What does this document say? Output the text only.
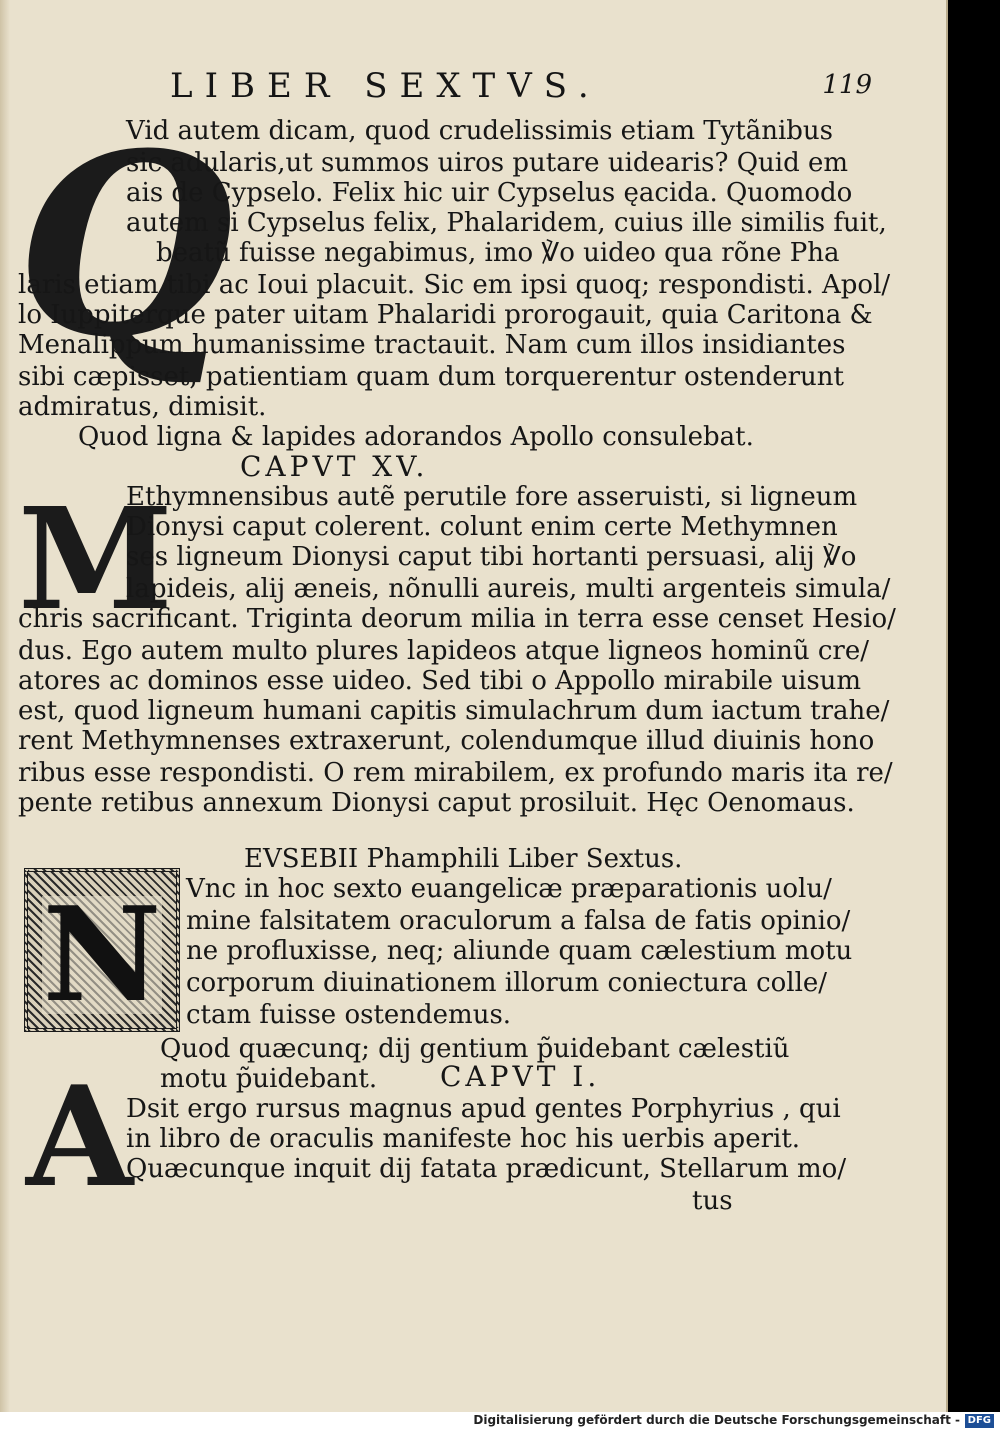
LIBER SEXTVS.	119
Q
Vid autem dicam, quod crudelissimis etiam Tytãnibus
sic adularis,ut summos uiros putare uidearis? Quid em
ais de Cypselo. Felix hic uir Cypselus ęacida. Quomodo
autem si Cypselus felix, Phalaridem, cuius ille similis fuit,
beatũ fuisse negabimus, imo ℣o uideo qua rõne Pha
laris etiam tibi ac Ioui placuit. Sic em ipsi quoq; respondisti. Apol/
lo Iuppiterque pater uitam Phalaridi prorogauit, quia Caritona &
Menalippum humanissime tractauit. Nam cum illos insidiantes
sibi cæpisset, patientiam quam dum torquerentur ostenderunt
admiratus, dimisit.
Quod ligna & lapides adorandos Apollo consulebat.
CAPVT XV.
M
Ethymnensibus autẽ perutile fore asseruisti, si ligneum
Dionysi caput colerent. colunt enim certe Methymnen
ses ligneum Dionysi caput tibi hortanti persuasi, alij ℣o
lapideis, alij æneis, nõnulli aureis, multi argenteis simula/
chris sacrificant. Triginta deorum milia in terra esse censet Hesio/
dus. Ego autem multo plures lapideos atque ligneos hominũ cre/
atores ac dominos esse uideo. Sed tibi o Appollo mirabile uisum
est, quod ligneum humani capitis simulachrum dum iactum trahe/
rent Methymnenses extraxerunt, colendumque illud diuinis hono
ribus esse respondisti. O rem mirabilem, ex profundo maris ita re/
pente retibus annexum Dionysi caput prosiluit. Hęc Oenomaus.
EVSEBII Phamphili Liber Sextus.
N Vnc in hoc sexto euangelicæ præparationis uolu/
mine falsitatem oraculorum a falsa de fatis opinio/
ne profluxisse, neq; aliunde quam cælestium motu
corporum diuinationem illorum coniectura colle/
ctam fuisse ostendemus.
Quod quæcunq; dij gentium p̃uidebant cælestiũ
motu p̃uidebant. CAPVT I.
A
Dsit ergo rursus magnus apud gentes Porphyrius , qui
in libro de oraculis manifeste hoc his uerbis aperit.
Quæcunque inquit dij fatata prædicunt, Stellarum mo/
tus
Digitalisierung gefördert durch die Deutsche Forschungsgemeinschaft - DFG
